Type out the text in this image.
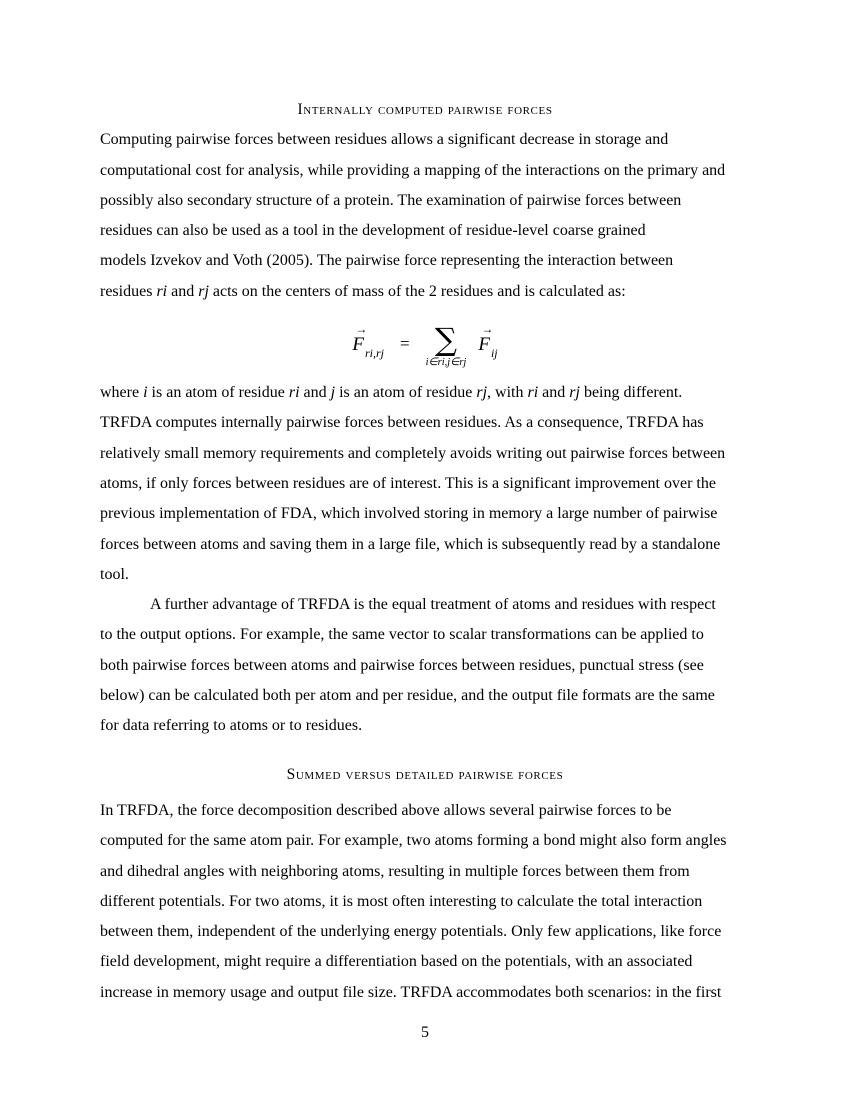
Internally computed pairwise forces
Computing pairwise forces between residues allows a significant decrease in storage and
computational cost for analysis, while providing a mapping of the interactions on the primary and
possibly also secondary structure of a protein. The examination of pairwise forces between
residues can also be used as a tool in the development of residue-level coarse grained
models Izvekov and Voth (2005). The pairwise force representing the interaction between
residues ri and rj acts on the centers of mass of the 2 residues and is calculated as:
→
$F_{ri,rj}$ = ∑
i∈ri,j∈rj
→
$F_{ij}$
where i is an atom of residue ri and j is an atom of residue rj, with ri and rj being different.
TRFDA computes internally pairwise forces between residues. As a consequence, TRFDA has
relatively small memory requirements and completely avoids writing out pairwise forces between
atoms, if only forces between residues are of interest. This is a significant improvement over the
previous implementation of FDA, which involved storing in memory a large number of pairwise
forces between atoms and saving them in a large file, which is subsequently read by a standalone
tool.
A further advantage of TRFDA is the equal treatment of atoms and residues with respect
to the output options. For example, the same vector to scalar transformations can be applied to
both pairwise forces between atoms and pairwise forces between residues, punctual stress (see
below) can be calculated both per atom and per residue, and the output file formats are the same
for data referring to atoms or to residues.
Summed versus detailed pairwise forces
In TRFDA, the force decomposition described above allows several pairwise forces to be
computed for the same atom pair. For example, two atoms forming a bond might also form angles
and dihedral angles with neighboring atoms, resulting in multiple forces between them from
different potentials. For two atoms, it is most often interesting to calculate the total interaction
between them, independent of the underlying energy potentials. Only few applications, like force
field development, might require a differentiation based on the potentials, with an associated
increase in memory usage and output file size. TRFDA accommodates both scenarios: in the first
5
